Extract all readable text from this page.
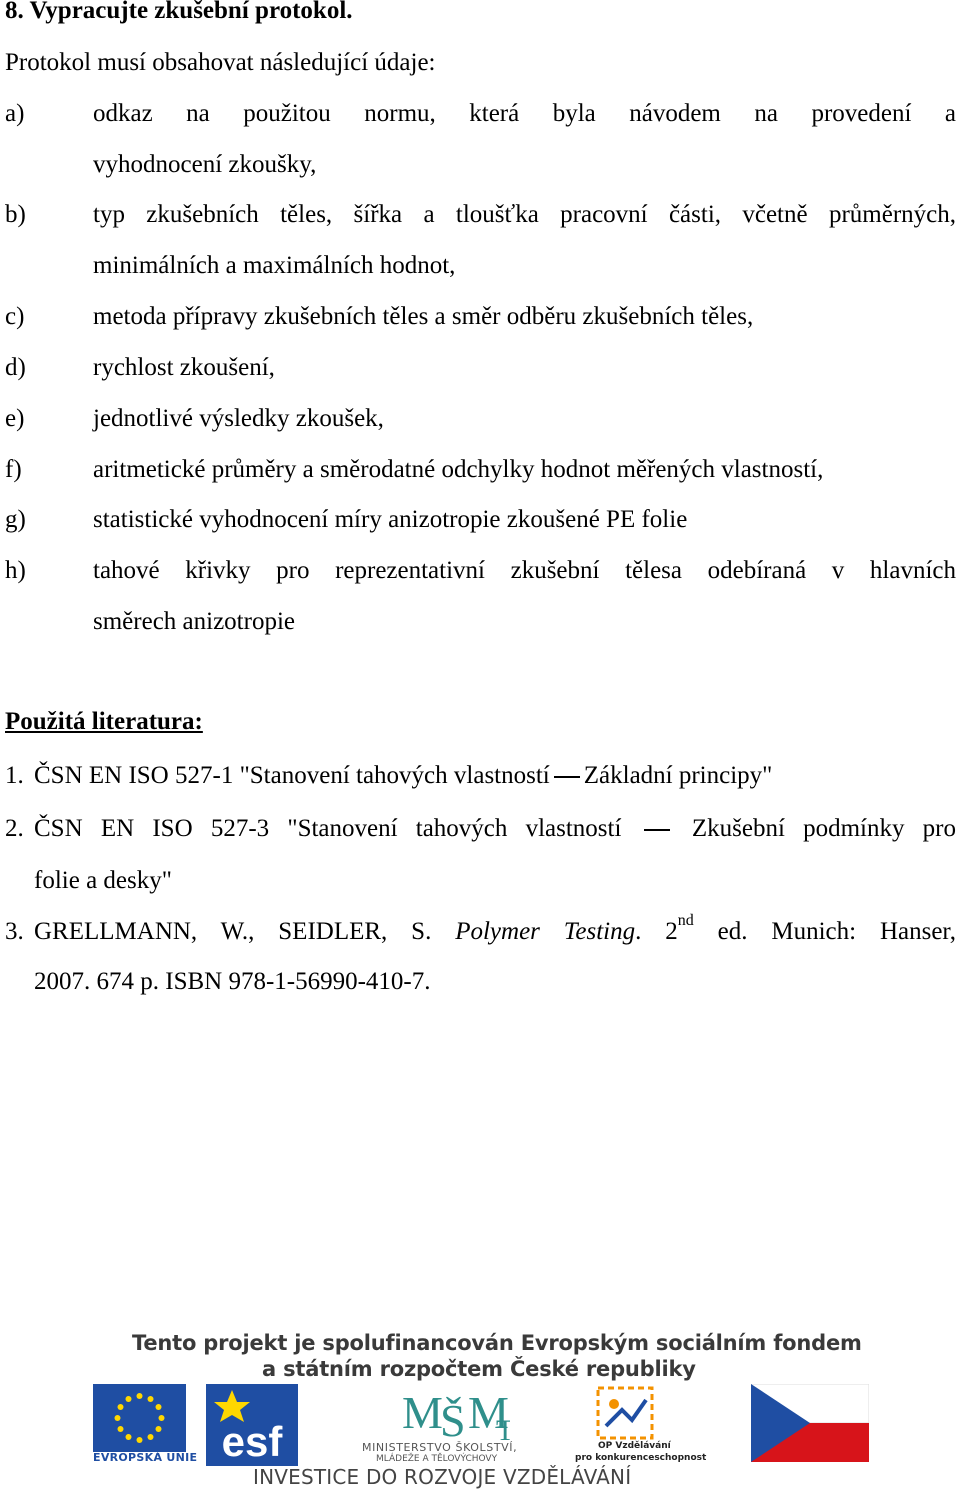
8. Vypracujte zkušební protokol.
Protokol musí obsahovat následující údaje:
a)	odkaz na použitou normu, která byla návodem na provedení a
vyhodnocení zkoušky,
b)	typ zkušebních těles, šířka a tloušťka pracovní části, včetně průměrných,
minimálních a maximálních hodnot,
c)	metoda přípravy zkušebních těles a směr odběru zkušebních těles,
d)	rychlost zkoušení,
e)	jednotlivé výsledky zkoušek,
f)	aritmetické průměry a směrodatné odchylky hodnot měřených vlastností,
g)	statistické vyhodnocení míry anizotropie zkoušené PE folie
h)	tahové křivky pro reprezentativní zkušební tělesa odebíraná v hlavních
směrech anizotropie
Použitá literatura:
1. ČSN EN ISO 527-1 "Stanovení tahových vlastností Základní principy"
2. ČSN EN ISO 527-3 "Stanovení tahových vlastností	Zkušební podmínky pro
folie a desky"
3. GRELLMANN, W., SEIDLER, S. Polymer Testing. 2nd ed. Munich: Hanser,
2007. 674 p. ISBN 978-1-56990-410-7.
Tento projekt je spolufinancován Evropským sociálním fondem
a státním rozpočtem České republiky
EVROPSKÁ UNIE esf
M
Š M
T
MINISTERSTVO ŠKOLSTVÍ,
MLÁDEŽE A TĚLOVÝCHOVY
OP Vzdělávání
pro konkurenceschopnost
INVESTICE DO ROZVOJE VZDĚLÁVÁNÍ
